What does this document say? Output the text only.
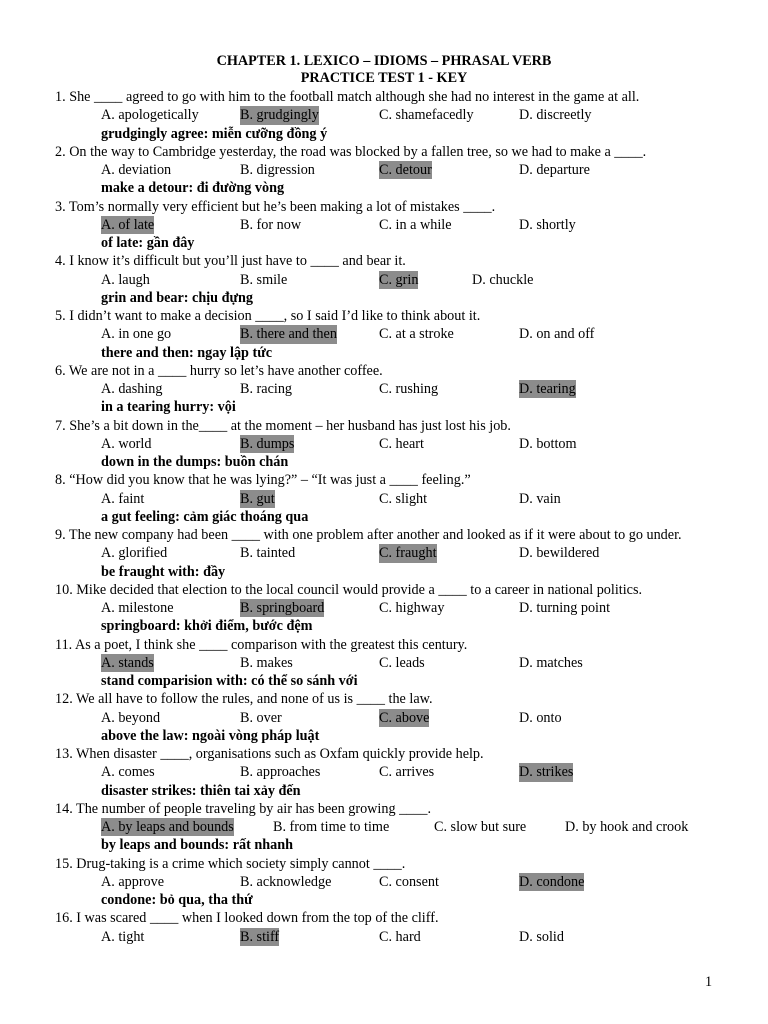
CHAPTER 1. LEXICO – IDIOMS – PHRASAL VERB
PRACTICE TEST 1 - KEY
1. She ____ agreed to go with him to the football match although she had no interest in the game at all.
A. apologetically	B. grudgingly	C. shamefacedly	D. discreetly
grudgingly agree: miễn cưỡng đồng ý
2. On the way to Cambridge yesterday, the road was blocked by a fallen tree, so we had to make a ____.
A. deviation	B. digression	C. detour	D. departure
make a detour: đi đường vòng
3. Tom’s normally very efficient but he’s been making a lot of mistakes ____.
A. of late	B. for now	C. in a while	D. shortly
of late: gần đây
4. I know it’s difficult but you’ll just have to ____ and bear it.
A. laugh	B. smile	C. grin	D. chuckle
grin and bear: chịu đựng
5. I didn’t want to make a decision ____, so I said I’d like to think about it.
A. in one go	B. there and then	C. at a stroke	D. on and off
there and then: ngay lập tức
6. We are not in a ____ hurry so let’s have another coffee.
A. dashing	B. racing	C. rushing	D. tearing
in a tearing hurry: vội
7. She’s a bit down in the____ at the moment – her husband has just lost his job.
A. world	B. dumps	C. heart	D. bottom
down in the dumps: buồn chán
8. “How did you know that he was lying?” – “It was just a ____ feeling.”
A. faint	B. gut	C. slight	D. vain
a gut feeling: cảm giác thoáng qua
9. The new company had been ____ with one problem after another and looked as if it were about to go under.
A. glorified	B. tainted	C. fraught	D. bewildered
be fraught with: đầy
10. Mike decided that election to the local council would provide a ____ to a career in national politics.
A. milestone	B. springboard	C. highway	D. turning point
springboard: khởi điểm, bước đệm
11. As a poet, I think she ____ comparison with the greatest this century.
A. stands	B. makes	C. leads	D. matches
stand comparision with: có thể so sánh với
12. We all have to follow the rules, and none of us is ____ the law.
A. beyond	B. over	C. above	D. onto
above the law: ngoài vòng pháp luật
13. When disaster ____, organisations such as Oxfam quickly provide help.
A. comes	B. approaches	C. arrives	D. strikes
disaster strikes: thiên tai xảy đến
14. The number of people traveling by air has been growing ____.
A. by leaps and bounds	B. from time to time	C. slow but sure	D. by hook and crook
by leaps and bounds: rất nhanh
15. Drug-taking is a crime which society simply cannot ____.
A. approve	B. acknowledge	C. consent	D. condone
condone: bỏ qua, tha thứ
16. I was scared ____ when I looked down from the top of the cliff.
A. tight	B. stiff	C. hard	D. solid
1
